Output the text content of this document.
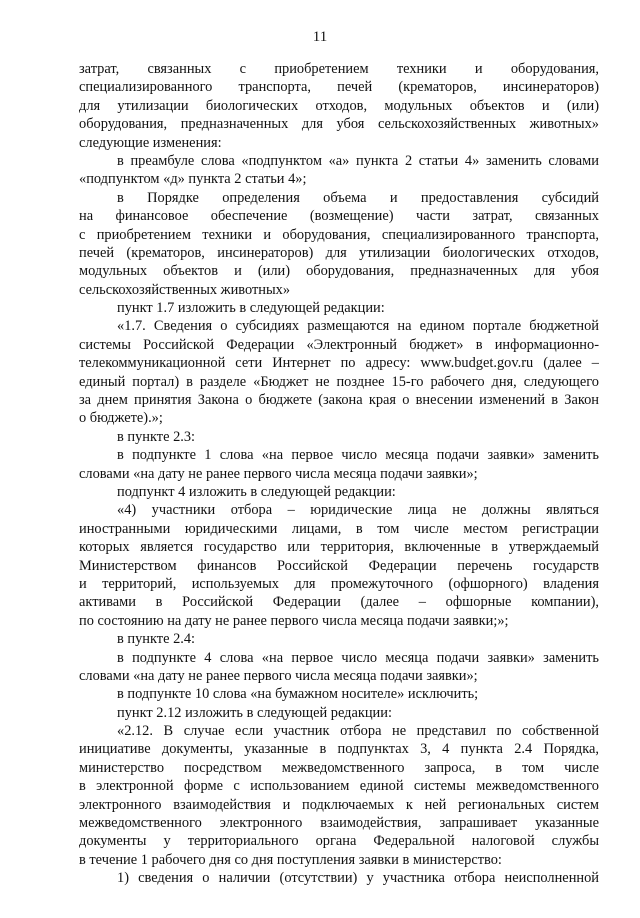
11
затрат, связанных с приобретением техники и оборудования,
специализированного транспорта, печей (крематоров, инсинераторов)
для утилизации биологических отходов, модульных объектов и (или)
оборудования, предназначенных для убоя сельскохозяйственных животных»
следующие изменения:
в преамбуле слова «подпунктом «а» пункта 2 статьи 4» заменить словами
«подпунктом «д» пункта 2 статьи 4»;
в Порядке определения объема и предоставления субсидий
на финансовое обеспечение (возмещение) части затрат, связанных
с приобретением техники и оборудования, специализированного транспорта,
печей (крематоров, инсинераторов) для утилизации биологических отходов,
модульных объектов и (или) оборудования, предназначенных для убоя
сельскохозяйственных животных»
пункт 1.7 изложить в следующей редакции:
«1.7. Сведения о субсидиях размещаются на едином портале бюджетной
системы Российской Федерации «Электронный бюджет» в информационно-
телекоммуникационной сети Интернет по адресу: www.budget.gov.ru (далее –
единый портал) в разделе «Бюджет не позднее 15-го рабочего дня, следующего
за днем принятия Закона о бюджете (закона края о внесении изменений в Закон
о бюджете).»;
в пункте 2.3:
в подпункте 1 слова «на первое число месяца подачи заявки» заменить
словами «на дату не ранее первого числа месяца подачи заявки»;
подпункт 4 изложить в следующей редакции:
«4) участники отбора – юридические лица не должны являться
иностранными юридическими лицами, в том числе местом регистрации
которых является государство или территория, включенные в утверждаемый
Министерством финансов Российской Федерации перечень государств
и территорий, используемых для промежуточного (офшорного) владения
активами в Российской Федерации (далее – офшорные компании),
по состоянию на дату не ранее первого числа месяца подачи заявки;»;
в пункте 2.4:
в подпункте 4 слова «на первое число месяца подачи заявки» заменить
словами «на дату не ранее первого числа месяца подачи заявки»;
в подпункте 10 слова «на бумажном носителе» исключить;
пункт 2.12 изложить в следующей редакции:
«2.12. В случае если участник отбора не представил по собственной
инициативе документы, указанные в подпунктах 3, 4 пункта 2.4 Порядка,
министерство посредством межведомственного запроса, в том числе
в электронной форме с использованием единой системы межведомственного
электронного взаимодействия и подключаемых к ней региональных систем
межведомственного электронного взаимодействия, запрашивает указанные
документы у территориального органа Федеральной налоговой службы
в течение 1 рабочего дня со дня поступления заявки в министерство:
1) сведения о наличии (отсутствии) у участника отбора неисполненной
